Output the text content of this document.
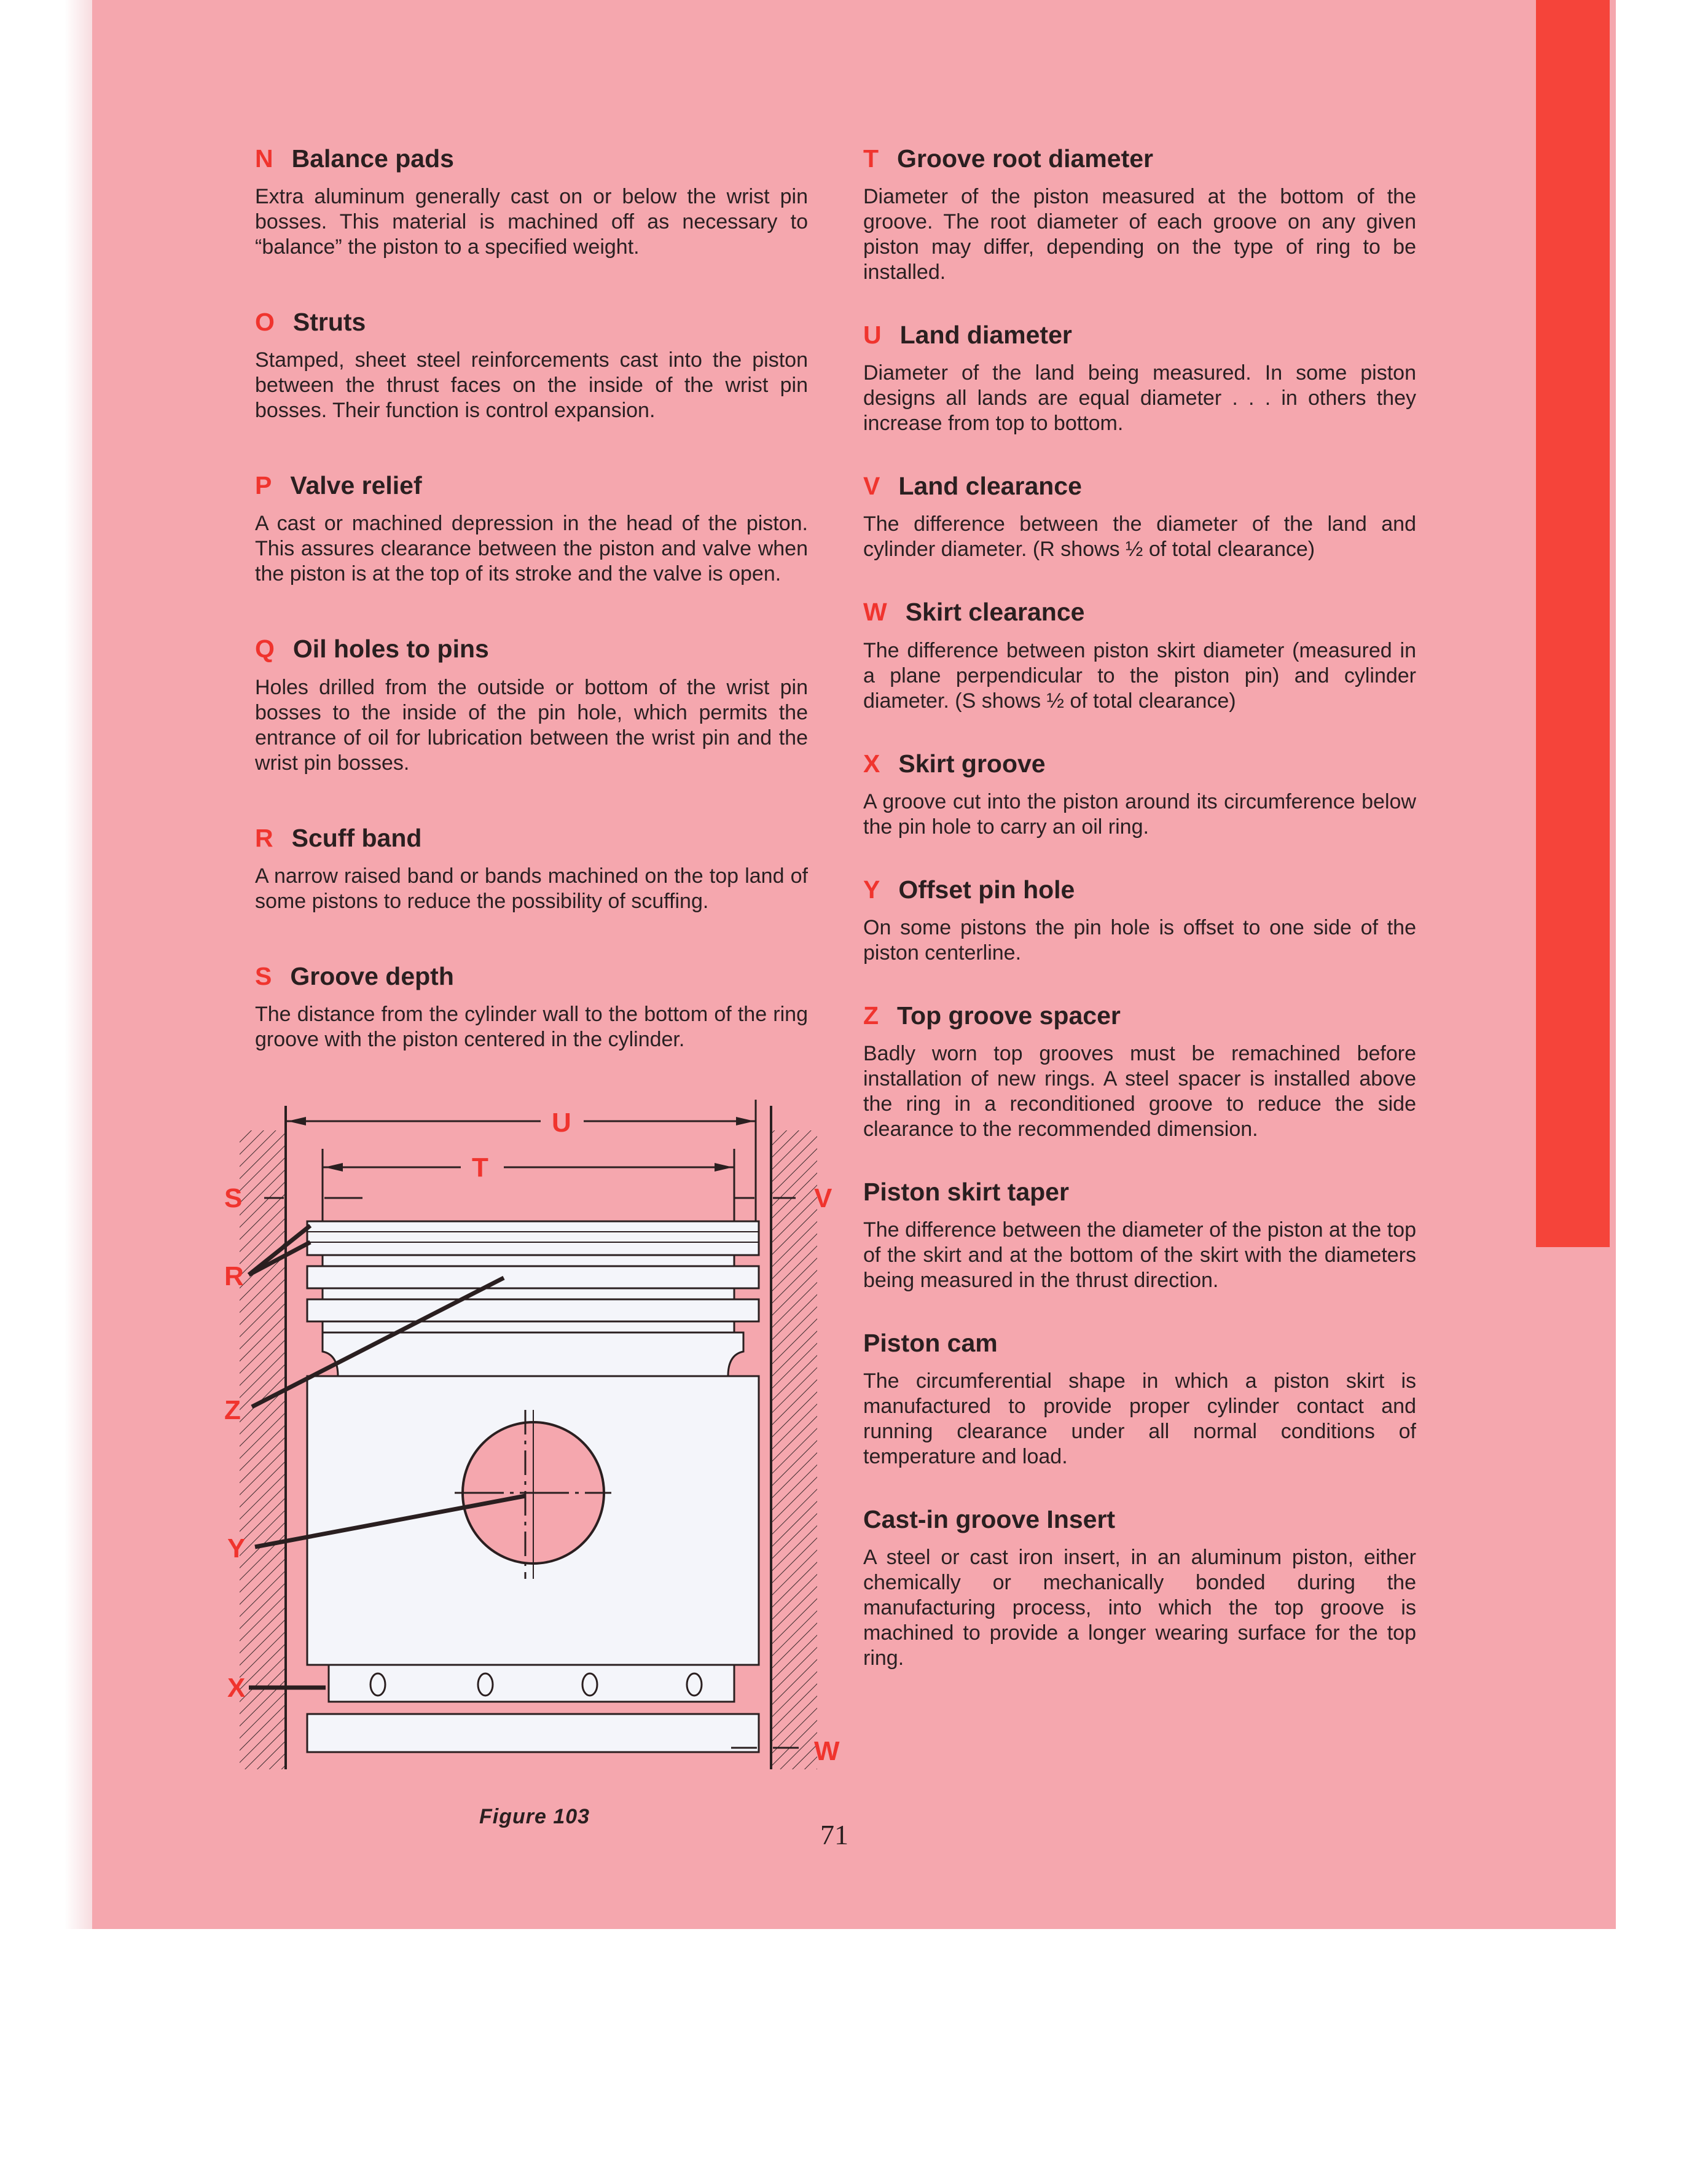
N Balance pads

Extra aluminum generally cast on or below the wrist pin bosses. This material is machined off as necessary to “balance” the piston to a specified weight.

O Struts

Stamped, sheet steel reinforcements cast into the piston between the thrust faces on the inside of the wrist pin bosses. Their function is control expansion.

P Valve relief

A cast or machined depression in the head of the piston. This assures clearance between the piston and valve when the piston is at the top of its stroke and the valve is open.

Q Oil holes to pins

Holes drilled from the outside or bottom of the wrist pin bosses to the inside of the pin hole, which permits the entrance of oil for lubrication between the wrist pin and the wrist pin bosses.

R Scuff band

A narrow raised band or bands machined on the top land of some pistons to reduce the possibility of scuffing.

S Groove depth

The distance from the cylinder wall to the bottom of the ring groove with the piston centered in the cylinder.

T Groove root diameter

Diameter of the piston measured at the bottom of the groove. The root diameter of each groove on any given piston may differ, depending on the type of ring to be installed.

U Land diameter

Diameter of the land being measured. In some piston designs all lands are equal diameter . . . in others they increase from top to bottom.

V Land clearance

The difference between the diameter of the land and cylinder diameter. (R shows ½ of total clearance)

W Skirt clearance

The difference between piston skirt diameter (measured in a plane perpendicular to the piston pin) and cylinder diameter. (S shows ½ of total clearance)

X Skirt groove

A groove cut into the piston around its circumference below the pin hole to carry an oil ring.

Y Offset pin hole

On some pistons the pin hole is offset to one side of the piston centerline.

Z Top groove spacer

Badly worn top grooves must be remachined before installation of new rings. A steel spacer is installed above the ring in a reconditioned groove to reduce the side clearance to the recommended dimension.

Piston skirt taper

The difference between the diameter of the piston at the top of the skirt and at the bottom of the skirt with the diameters being measured in the thrust direction.

Piston cam

The circumferential shape in which a piston skirt is manufactured to provide proper cylinder contact and running clearance under all normal conditions of temperature and load.

Cast-in groove Insert

A steel or cast iron insert, in an aluminum piston, either chemically or mechanically bonded during the manufacturing process, into which the top groove is machined to provide a longer wearing surface for the top ring.

U
T
S	V
R
Z
Y
X
W
Figure 103
71
